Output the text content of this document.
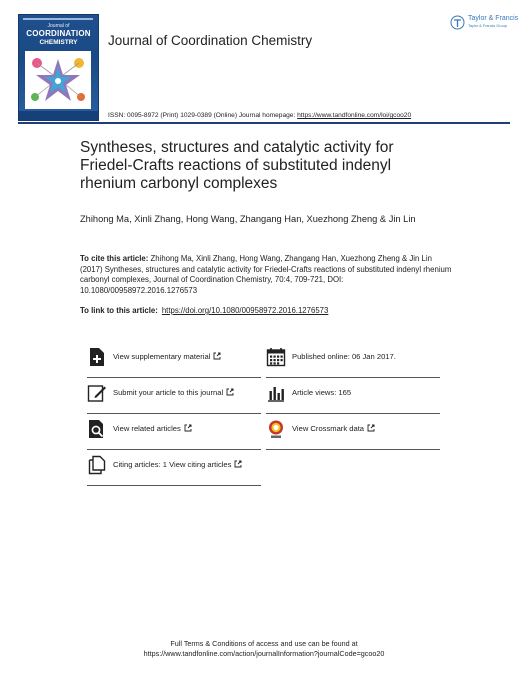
Journal of
COORDINATION
CHEMISTRY	Journal of Coordination Chemistry
Taylor & Francis
Taylor & Francis Group
ISSN: 0095-8972 (Print) 1029-0389 (Online) Journal homepage: https://www.tandfonline.com/loi/gcoo20
Syntheses, structures and catalytic activity for Friedel-Crafts reactions of substituted indenyl rhenium carbonyl complexes
Zhihong Ma, Xinli Zhang, Hong Wang, Zhangang Han, Xuezhong Zheng & Jin Lin
To cite this article: Zhihong Ma, Xinli Zhang, Hong Wang, Zhangang Han, Xuezhong Zheng & Jin Lin (2017) Syntheses, structures and catalytic activity for Friedel-Crafts reactions of substituted indenyl rhenium carbonyl complexes, Journal of Coordination Chemistry, 70:4, 709-721, DOI: 10.1080/00958972.2016.1276573
To link to this article: https://doi.org/10.1080/00958972.2016.1276573
View supplementary material	Published online: 06 Jan 2017.
Submit your article to this journal	Article views: 165
View related articles	View Crossmark data
Citing articles: 1 View citing articles
Full Terms & Conditions of access and use can be found at
https://www.tandfonline.com/action/journalInformation?journalCode=gcoo20
